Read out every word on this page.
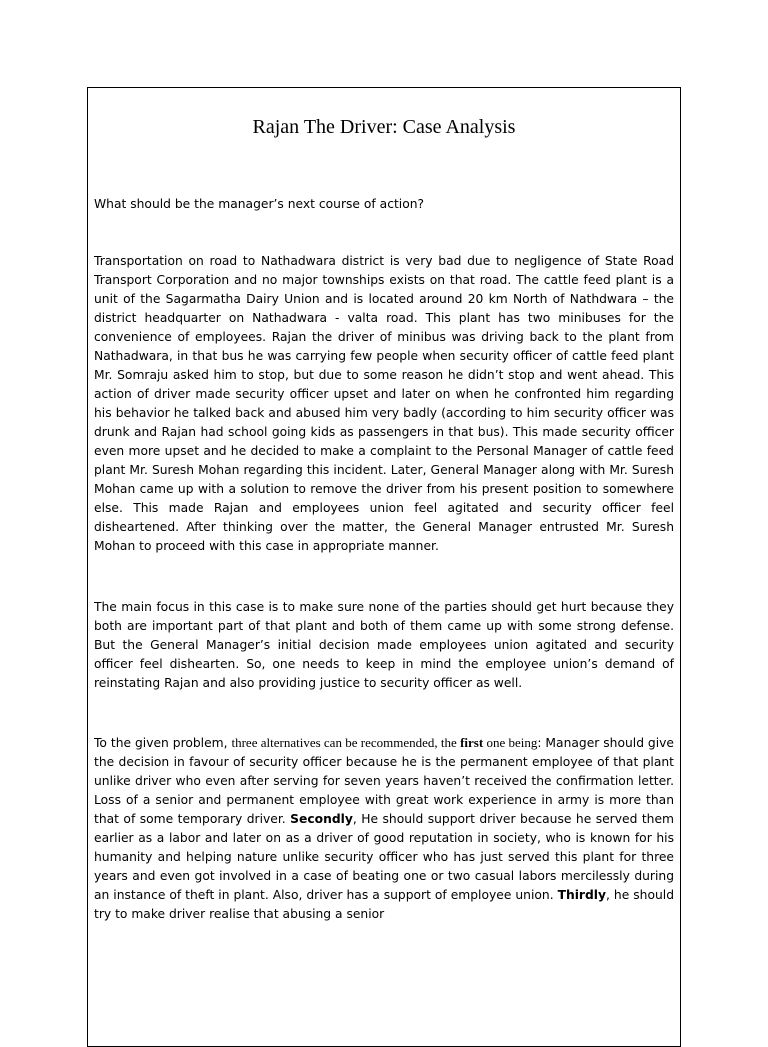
Rajan The Driver: Case Analysis

What should be the manager’s next course of action?

Transportation on road to Nathadwara district is very bad due to negligence of State Road Transport Corporation and no major townships exists on that road. The cattle feed plant is a unit of the Sagarmatha Dairy Union and is located around 20 km North of Nathdwara – the district headquarter on Nathadwara - valta road. This plant has two minibuses for the convenience of employees. Rajan the driver of minibus was driving back to the plant from Nathadwara, in that bus he was carrying few people when security officer of cattle feed plant Mr. Somraju asked him to stop, but due to some reason he didn’t stop and went ahead. This action of driver made security officer upset and later on when he confronted him regarding his behavior he talked back and abused him very badly (according to him security officer was drunk and Rajan had school going kids as passengers in that bus). This made security officer even more upset and he decided to make a complaint to the Personal Manager of cattle feed plant Mr. Suresh Mohan regarding this incident. Later, General Manager along with Mr. Suresh Mohan came up with a solution to remove the driver from his present position to somewhere else. This made Rajan and employees union feel agitated and security officer feel disheartened. After thinking over the matter, the General Manager entrusted Mr. Suresh Mohan to proceed with this case in appropriate manner.

The main focus in this case is to make sure none of the parties should get hurt because they both are important part of that plant and both of them came up with some strong defense. But the General Manager’s initial decision made employees union agitated and security officer feel dishearten. So, one needs to keep in mind the employee union’s demand of reinstating Rajan and also providing justice to security officer as well.

To the given problem, three alternatives can be recommended, the first one being: Manager should give the decision in favour of security officer because he is the permanent employee of that plant unlike driver who even after serving for seven years haven’t received the confirmation letter. Loss of a senior and permanent employee with great work experience in army is more than that of some temporary driver. Secondly, He should support driver because he served them earlier as a labor and later on as a driver of good reputation in society, who is known for his humanity and helping nature unlike security officer who has just served this plant for three years and even got involved in a case of beating one or two casual labors mercilessly during an instance of theft in plant. Also, driver has a support of employee union. Thirdly, he should try to make driver realise that abusing a senior
